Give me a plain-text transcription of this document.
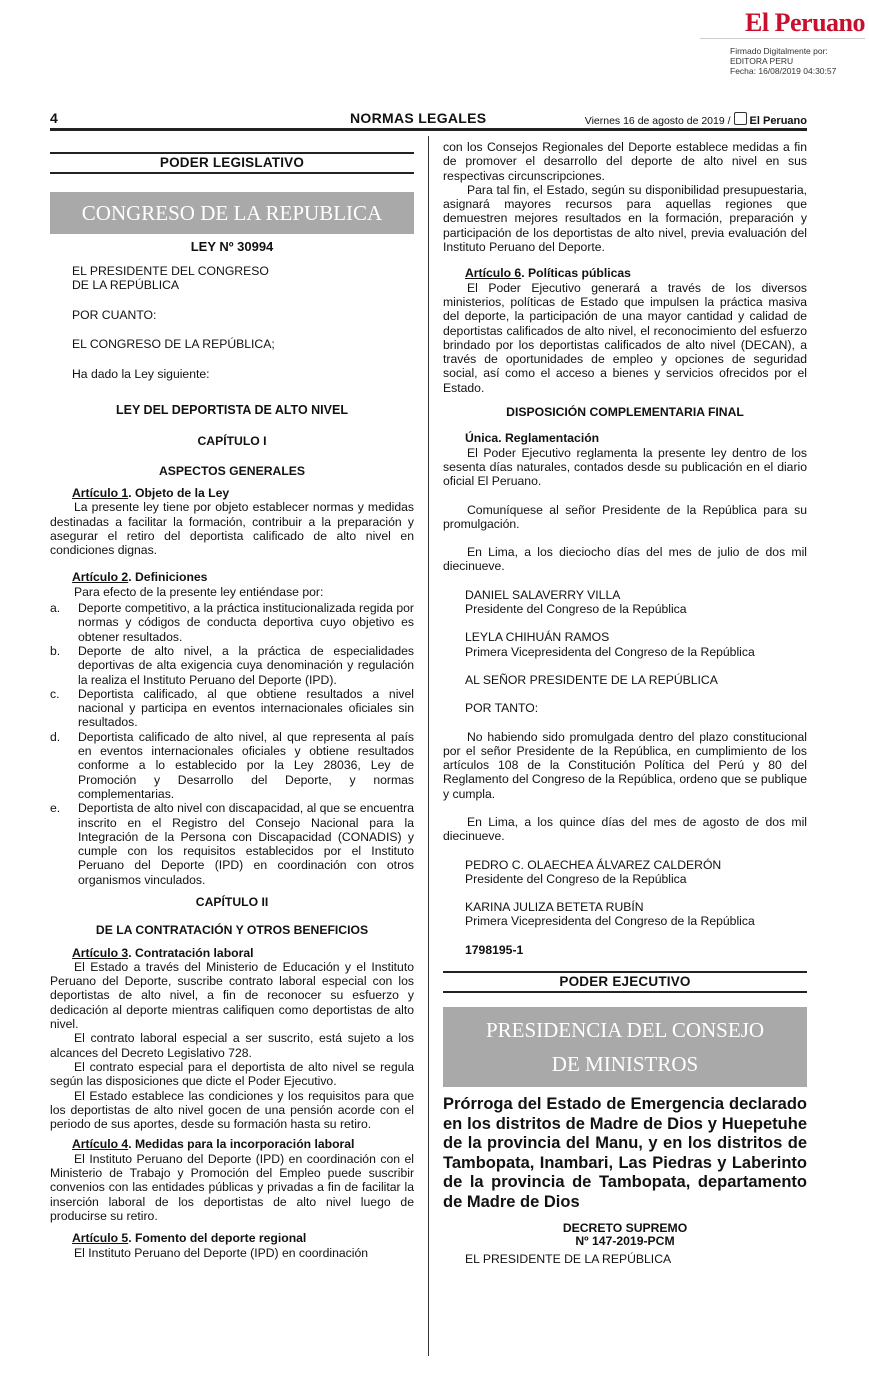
El Peruano
Firmado Digitalmente por:
EDITORA PERU
Fecha: 16/08/2019 04:30:57
4	NORMAS LEGALES	Viernes 16 de agosto de 2019 / El Peruano
PODER LEGISLATIVO
CONGRESO DE LA REPUBLICA

LEY Nº 30994

EL PRESIDENTE DEL CONGRESO

DE LA REPÚBLICA

POR CUANTO:

EL CONGRESO DE LA REPÚBLICA;

Ha dado la Ley siguiente:

LEY DEL DEPORTISTA DE ALTO NIVEL

CAPÍTULO I

ASPECTOS GENERALES

Artículo 1. Objeto de la Ley

La presente ley tiene por objeto establecer normas y medidas destinadas a facilitar la formación, contribuir a la preparación y asegurar el retiro del deportista calificado de alto nivel en condiciones dignas.

Artículo 2. Definiciones

Para efecto de la presente ley entiéndase por:

a.	Deporte competitivo, a la práctica institucionalizada regida por normas y códigos de conducta deportiva cuyo objetivo es obtener resultados.
b.	Deporte de alto nivel, a la práctica de especialidades deportivas de alta exigencia cuya denominación y regulación la realiza el Instituto Peruano del Deporte (IPD).
c.	Deportista calificado, al que obtiene resultados a nivel nacional y participa en eventos internacionales oficiales sin resultados.
d.	Deportista calificado de alto nivel, al que representa al país en eventos internacionales oficiales y obtiene resultados conforme a lo establecido por la Ley 28036, Ley de Promoción y Desarrollo del Deporte, y normas complementarias.
e.	Deportista de alto nivel con discapacidad, al que se encuentra inscrito en el Registro del Consejo Nacional para la Integración de la Persona con Discapacidad (CONADIS) y cumple con los requisitos establecidos por el Instituto Peruano del Deporte (IPD) en coordinación con otros organismos vinculados.

CAPÍTULO II

DE LA CONTRATACIÓN Y OTROS BENEFICIOS

Artículo 3. Contratación laboral

El Estado a través del Ministerio de Educación y el Instituto Peruano del Deporte, suscribe contrato laboral especial con los deportistas de alto nivel, a fin de reconocer su esfuerzo y dedicación al deporte mientras califiquen como deportistas de alto nivel.

El contrato laboral especial a ser suscrito, está sujeto a los alcances del Decreto Legislativo 728.

El contrato especial para el deportista de alto nivel se regula según las disposiciones que dicte el Poder Ejecutivo.

El Estado establece las condiciones y los requisitos para que los deportistas de alto nivel gocen de una pensión acorde con el periodo de sus aportes, desde su formación hasta su retiro.

Artículo 4. Medidas para la incorporación laboral

El Instituto Peruano del Deporte (IPD) en coordinación con el Ministerio de Trabajo y Promoción del Empleo puede suscribir convenios con las entidades públicas y privadas a fin de facilitar la inserción laboral de los deportistas de alto nivel luego de producirse su retiro.

Artículo 5. Fomento del deporte regional

El Instituto Peruano del Deporte (IPD) en coordinación

con los Consejos Regionales del Deporte establece medidas a fin de promover el desarrollo del deporte de alto nivel en sus respectivas circunscripciones.

Para tal fin, el Estado, según su disponibilidad presupuestaria, asignará mayores recursos para aquellas regiones que demuestren mejores resultados en la formación, preparación y participación de los deportistas de alto nivel, previa evaluación del Instituto Peruano del Deporte.

Artículo 6. Políticas públicas

El Poder Ejecutivo generará a través de los diversos ministerios, políticas de Estado que impulsen la práctica masiva del deporte, la participación de una mayor cantidad y calidad de deportistas calificados de alto nivel, el reconocimiento del esfuerzo brindado por los deportistas calificados de alto nivel (DECAN), a través de oportunidades de empleo y opciones de seguridad social, así como el acceso a bienes y servicios ofrecidos por el Estado.

DISPOSICIÓN COMPLEMENTARIA FINAL

Única. Reglamentación

El Poder Ejecutivo reglamenta la presente ley dentro de los sesenta días naturales, contados desde su publicación en el diario oficial El Peruano.

Comuníquese al señor Presidente de la República para su promulgación.

En Lima, a los dieciocho días del mes de julio de dos mil diecinueve.

DANIEL SALAVERRY VILLA

Presidente del Congreso de la República

LEYLA CHIHUÁN RAMOS

Primera Vicepresidenta del Congreso de la República

AL SEÑOR PRESIDENTE DE LA REPÚBLICA

POR TANTO:

No habiendo sido promulgada dentro del plazo constitucional por el señor Presidente de la República, en cumplimiento de los artículos 108 de la Constitución Política del Perú y 80 del Reglamento del Congreso de la República, ordeno que se publique y cumpla.

En Lima, a los quince días del mes de agosto de dos mil diecinueve.

PEDRO C. OLAECHEA ÁLVAREZ CALDERÓN

Presidente del Congreso de la República

KARINA JULIZA BETETA RUBÍN

Primera Vicepresidenta del Congreso de la República

1798195-1

PODER EJECUTIVO
PRESIDENCIA DEL CONSEJO
DE MINISTROS

Prórroga del Estado de Emergencia declarado en los distritos de Madre de Dios y Huepetuhe de la provincia del Manu, y en los distritos de Tambopata, Inambari, Las Piedras y Laberinto de la provincia de Tambopata, departamento de Madre de Dios

DECRETO SUPREMO

Nº 147-2019-PCM

EL PRESIDENTE DE LA REPÚBLICA
